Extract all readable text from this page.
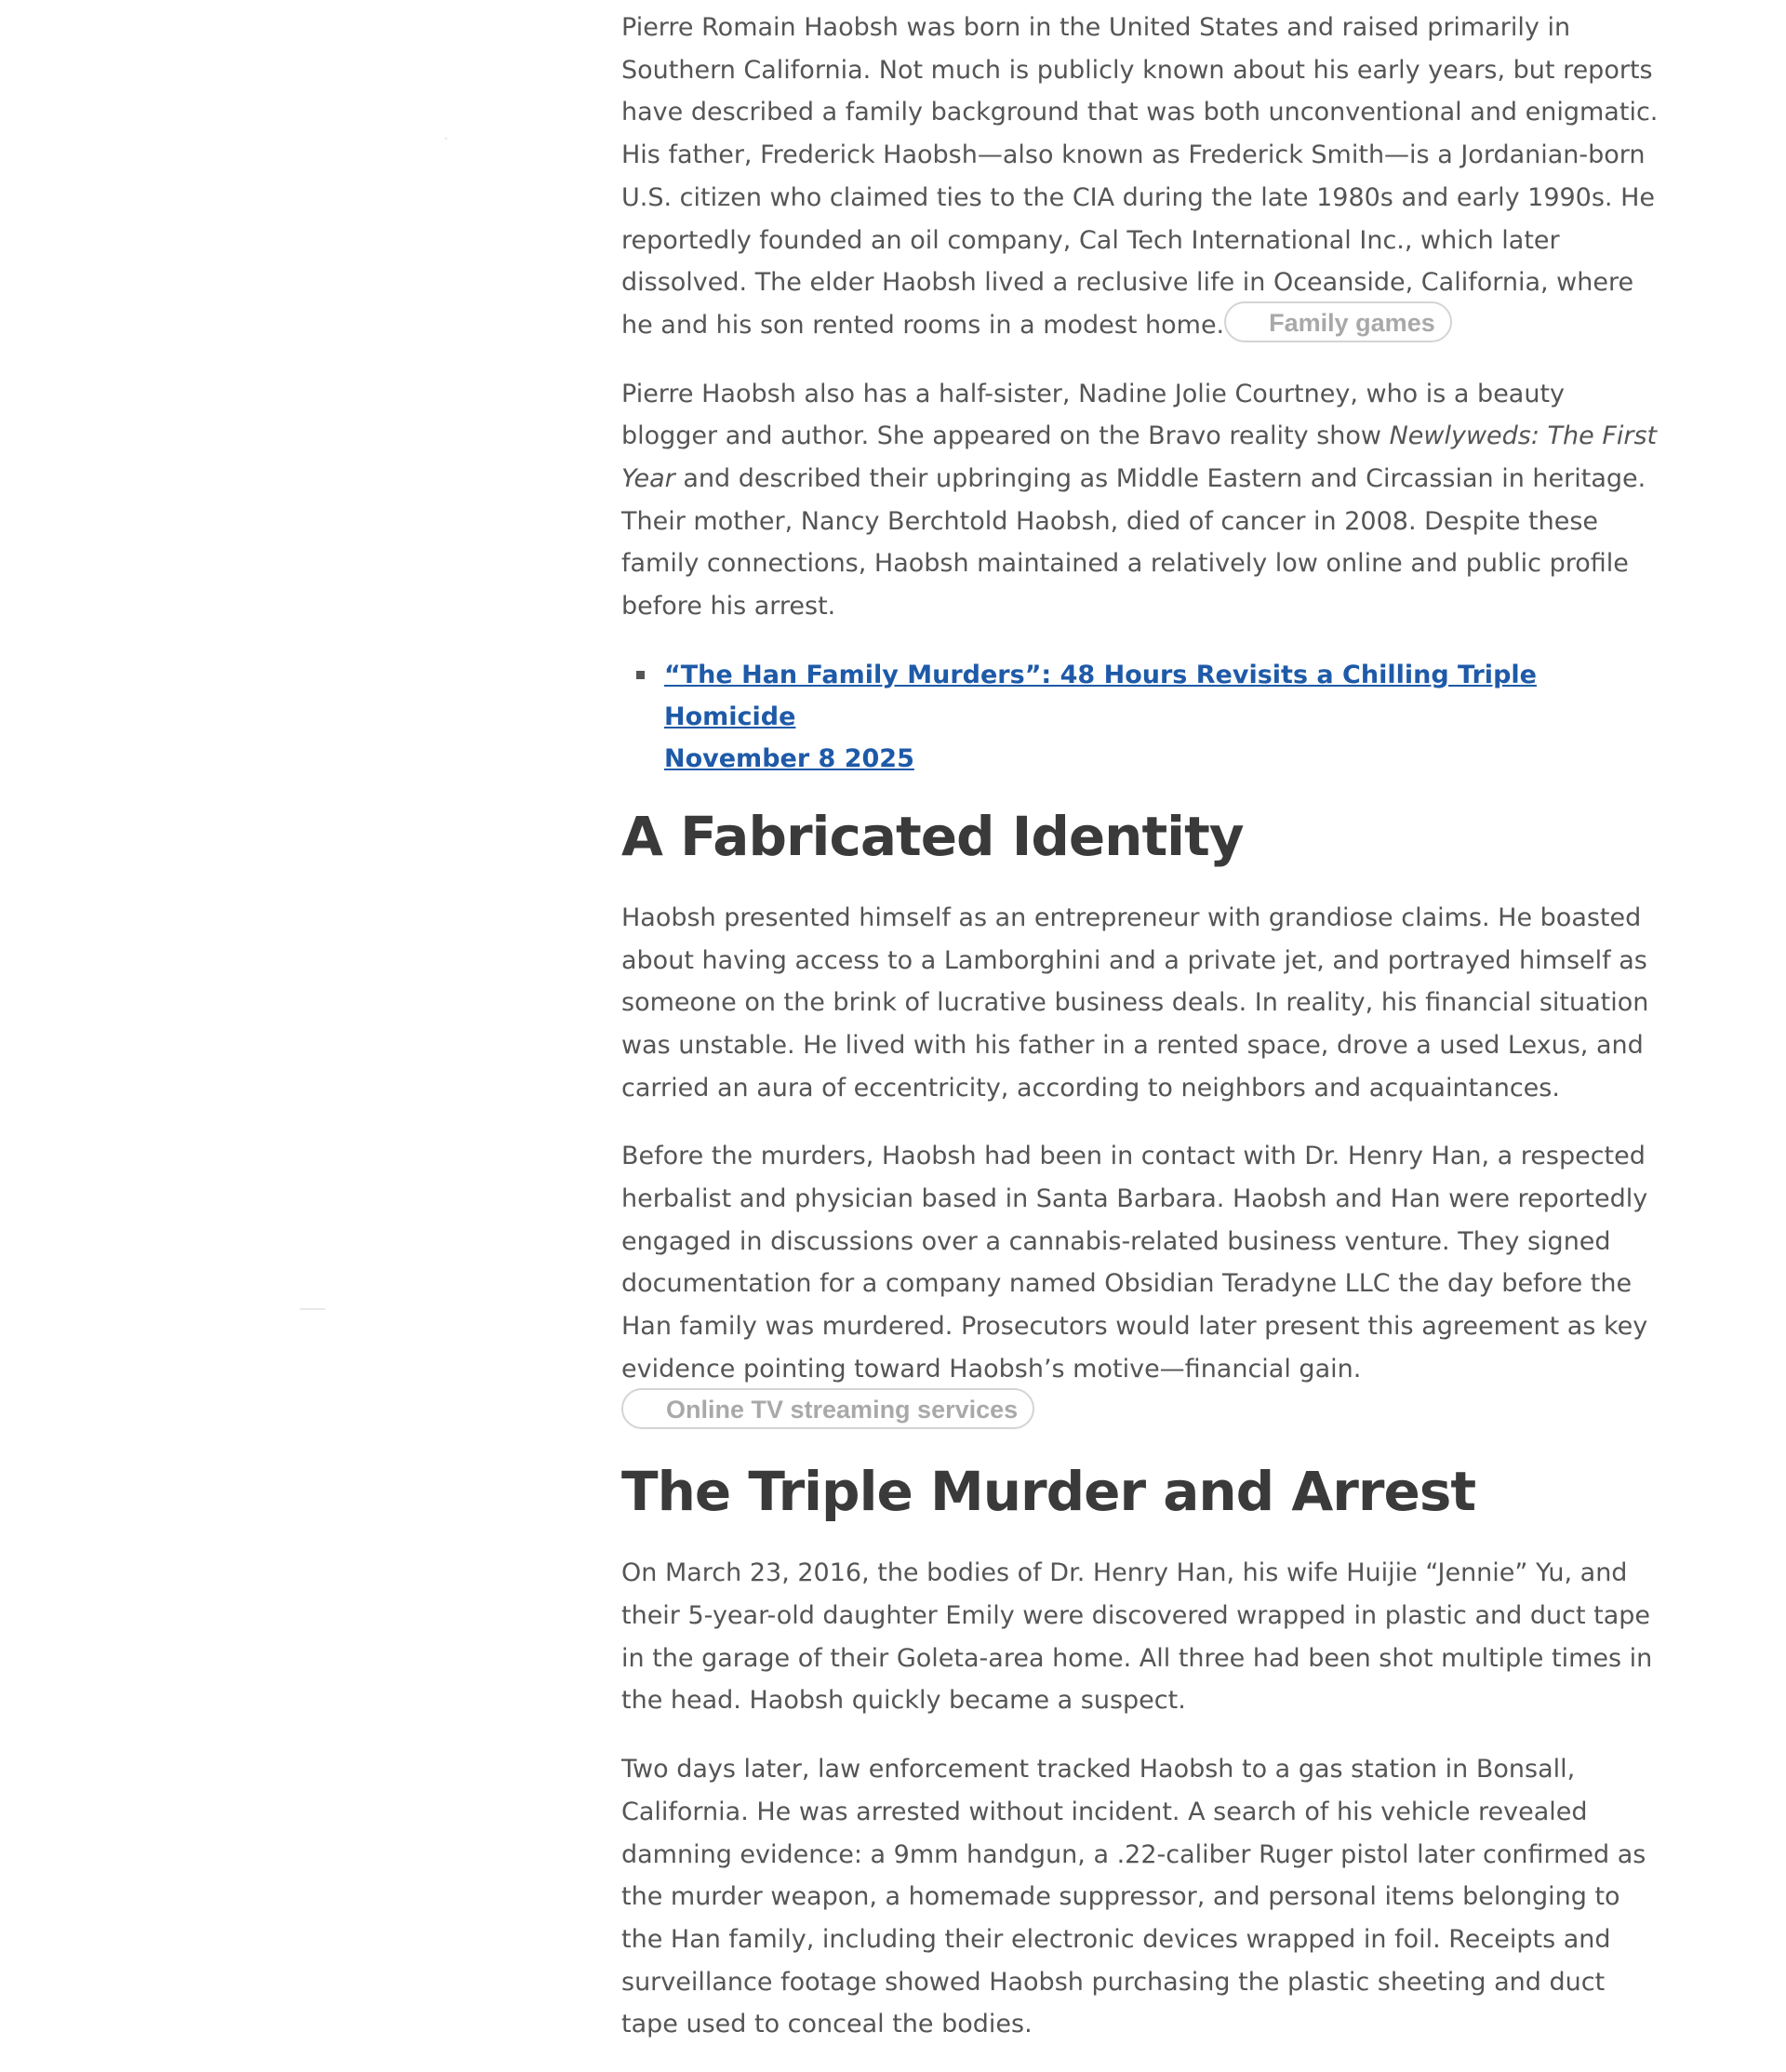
Pierre Romain Haobsh was born in the United States and raised primarily in Southern California. Not much is publicly known about his early years, but reports have described a family background that was both unconventional and enigmatic. His father, Frederick Haobsh—also known as Frederick Smith—is a Jordanian-born U.S. citizen who claimed ties to the CIA during the late 1980s and early 1990s. He reportedly founded an oil company, Cal Tech International Inc., which later dissolved. The elder Haobsh lived a reclusive life in Oceanside, California, where he and his son rented rooms in a modest home. Family games

Pierre Haobsh also has a half-sister, Nadine Jolie Courtney, who is a beauty blogger and author. She appeared on the Bravo reality show Newlyweds: The First Year and described their upbringing as Middle Eastern and Circassian in heritage. Their mother, Nancy Berchtold Haobsh, died of cancer in 2008. Despite these family connections, Haobsh maintained a relatively low online and public profile before his arrest.

“The Han Family Murders”: 48 Hours Revisits a Chilling Triple Homicide
November 8 2025
A Fabricated Identity

Haobsh presented himself as an entrepreneur with grandiose claims. He boasted about having access to a Lamborghini and a private jet, and portrayed himself as someone on the brink of lucrative business deals. In reality, his financial situation was unstable. He lived with his father in a rented space, drove a used Lexus, and carried an aura of eccentricity, according to neighbors and acquaintances.

Before the murders, Haobsh had been in contact with Dr. Henry Han, a respected herbalist and physician based in Santa Barbara. Haobsh and Han were reportedly engaged in discussions over a cannabis-related business venture. They signed documentation for a company named Obsidian Teradyne LLC the day before the Han family was murdered. Prosecutors would later present this agreement as key evidence pointing toward Haobsh’s motive—financial gain.Online TV streaming services

The Triple Murder and Arrest

On March 23, 2016, the bodies of Dr. Henry Han, his wife Huijie “Jennie” Yu, and their 5-year-old daughter Emily were discovered wrapped in plastic and duct tape in the garage of their Goleta-area home. All three had been shot multiple times in the head. Haobsh quickly became a suspect.

Two days later, law enforcement tracked Haobsh to a gas station in Bonsall, California. He was arrested without incident. A search of his vehicle revealed damning evidence: a 9mm handgun, a .22-caliber Ruger pistol later confirmed as the murder weapon, a homemade suppressor, and personal items belonging to the Han family, including their electronic devices wrapped in foil. Receipts and surveillance footage showed Haobsh purchasing the plastic sheeting and duct tape used to conceal the bodies.
